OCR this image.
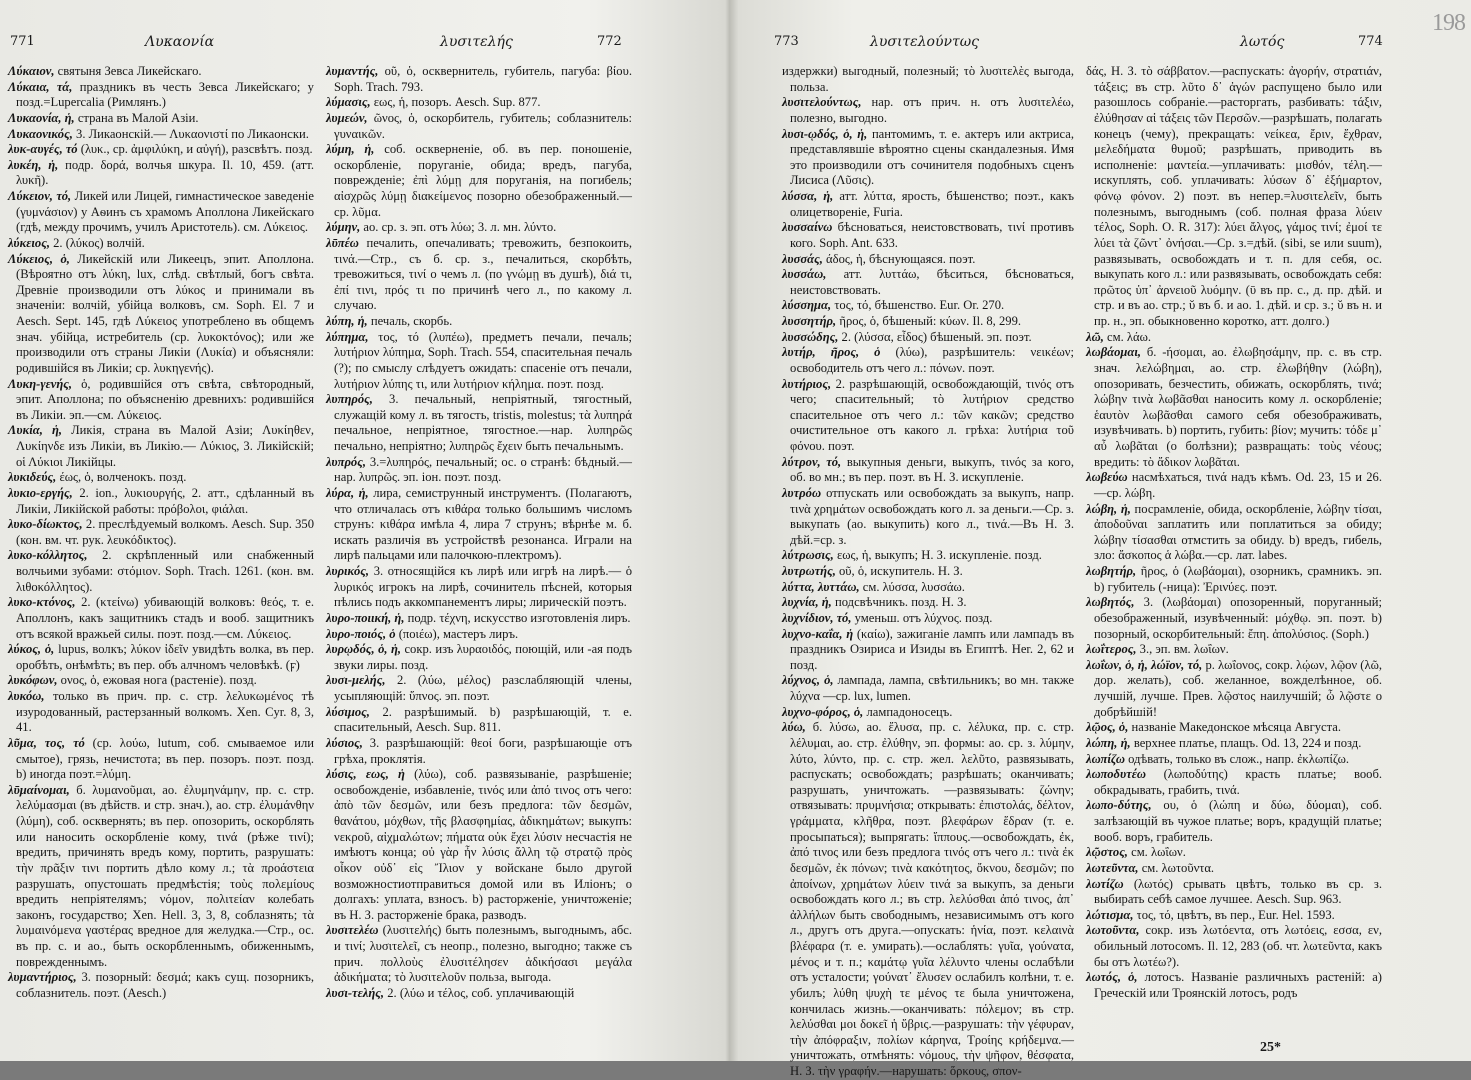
771	Λυκαονία	λυσιτελής	772

Λύκαιον, святыня Зевса Ликейскаго.

Λύκαια, τά, праздникъ въ честь Зевса Ликейскаго; у позд.=Lupercalia (Римлянъ.)

Λυκαονία, ἡ, страна въ Малой Азіи.

Λυκαονικός, 3. Ликаонскій.— Λυκαονιστί по Ликаонски.

λυκ-αυγές, τό (λυκ., ср. ἀμφιλύκη, и αὐγή), разсвѣтъ. позд.

λυκέη, ἡ, подр. δορά, волчья шкура. Il. 10, 459. (атт. λυκῆ).

Λύκειον, τό, Ликей или Лицей, гимнастическое заведеніе (γυμνάσιον) у Аѳинъ съ храмомъ Аполлона Ликейскаго (гдѣ, между прочимъ, училъ Аристотель). см. Λύκειος.

λύκειος, 2. (λύκος) волчій.

Λύκειος, ὁ, Ликейскій или Ликеецъ, эпит. Аполлона. (Вѣроятно отъ λύκη, lux, слѣд. свѣтлый, богъ свѣта. Древніе производили отъ λύκος и принимали въ значеніи: волчій, убійца волковъ, см. Soph. El. 7 и Aesch. Sept. 145, гдѣ Λύκειος употреблено въ общемъ знач. убійца, истребитель (ср. λυκοκτόνος); или же производили отъ страны Ликіи (Λυκία) и объясняли: родившійся въ Ликіи; ср. λυκηγενής).

Λυκη-γενής, ὁ, родившійся отъ свѣта, свѣтородный, эпит. Аполлона; по объясненію древнихъ: родившійся въ Ликіи. эп.—см. Λύκειος.

Λυκία, ἡ, Ликія, страна въ Малой Азіи; Λυκίηθεν, Λυκίηνδε изъ Ликіи, въ Ликію.— Λύκιος, 3. Ликійскій; οἱ Λύκιοι Ликійцы.

λυκιδεύς, έως, ὁ, волченокъ. позд.

λυκιο-εργής, 2. ion., λυκιουργής, 2. атт., сдѣланный въ Ликіи, Ликійской работы: πρόβολοι, φιάλαι.

λυκο-δίωκτος, 2. преслѣдуемый волкомъ. Aesch. Sup. 350 (кон. вм. чт. рук. λευκόδικτος).

λυκο-κόλλητος, 2. скрѣпленный или снабженный волчьими зубами: στόμιον. Soph. Trach. 1261. (кон. вм. λιθοκόλλητος).

λυκο-κτόνος, 2. (κτείνω) убивающій волковъ: θεός, т. е. Аполлонъ, какъ защитникъ стадъ и вооб. защитникъ отъ всякой вражьей силы. поэт. позд.—см. Λύκειος.

λύκος, ὁ, lupus, волкъ; λύκον ἰδεῖν увидѣть волка, въ пер. оробѣть, онѣмѣть; въ пер. объ алчномъ человѣкѣ. (ϝ)

λυκόφων, ονος, ὁ, ежовая нога (растеніе). позд.

λυκόω, только въ прич. пр. с. стр. λελυκωμένος тѣ изуродованный, растерзанный волкомъ. Xen. Cyr. 8, 3, 41.

λῦμα, τος, τό (ср. λούω, lutum, соб. смываемое или смытое), грязь, нечистота; въ пер. позоръ. поэт. позд. b) иногда поэт.=λύμη.

λῡμαίνομαι, б. λυμανοῦμαι, ао. ἐλυμηνάμην, пр. с. стр. λελύμασμαι (въ дѣйств. и стр. знач.), ао. стр. ἐλυμάνθην (λύμη), соб. осквернять; въ пер. опозорить, оскорблять или наносить оскорбленіе кому, τινά (рѣже τινί); вредить, причинять вредъ кому, портить, разрушать: τὴν πρᾶξιν τινι портить дѣло кому л.; τὰ προάστεια разрушать, опустошать предмѣстія; τοὺς πολεμίους вредить непріятелямъ; νόμον, πολιτείαν колебать законъ, государство; Xen. Hell. 3, 3, 8, соблазнять; τὰ λυμαινόμενα γαστέρας вредное для желудка.—Стр., ос. въ пр. с. и ао., быть оскорбленнымъ, обиженнымъ, поврежденнымъ.

λυμαντήριος, 3. позорный: δεσμά; какъ сущ. позорникъ, соблазнитель. поэт. (Aesch.)

λυμαντής, οῦ, ὁ, осквернитель, губитель, пагуба: βίου. Soph. Trach. 793.

λύμασις, εως, ἡ, позоръ. Aesch. Sup. 877.

λυμεών, ῶνος, ὁ, оскорбитель, губитель; соблазнитель: γυναικῶν.

λύμη, ἡ, соб. оскверненіе, об. въ пер. поношеніе, оскорбленіе, поруганіе, обида; вредъ, пагуба, поврежденіе; ἐπὶ λύμῃ для поруганія, на погибель; αἰσχρῶς λύμῃ διακείμενος позорно обезображенный.—ср. λῦμα.

λύμην, ао. ср. з. эп. отъ λύω; 3. л. мн. λύντο.

λῡπέω печалить, опечаливать; тревожить, безпокоить, τινά.—Стр., съ б. ср. з., печалиться, скорбѣть, тревожиться, τινί о чемъ л. (по γνώμῃ въ душѣ), διά τι, ἐπί τινι, πρός τι по причинѣ чего л., по какому л. случаю.

λύπη, ἡ, печаль, скорбь.

λύπημα, τος, τό (λυπέω), предметъ печали, печаль; λυτήριον λύπημα, Soph. Trach. 554, спасительная печаль (?); по смыслу слѣдуетъ ожидать: спасеніе отъ печали, λυτήριον λύπης τι, или λυτήριον κήλημα. поэт. позд.

λυπηρός, 3. печальный, непріятный, тягостный, служащій кому л. въ тягость, tristis, molestus; τὰ λυπηρά печальное, непріятное, тягостное.—нар. λυπηρῶς печально, непріятно; λυπηρῶς ἔχειν быть печальнымъ.

λυπρός, 3.=λυπηρός, печальный; ос. о странѣ: бѣдный.—нар. λυπρῶς. эп. іон. поэт. позд.

λύρα, ἡ, лира, семиструнный инструментъ. (Полагаютъ, что отличалась отъ κιθάρα только большимъ числомъ струнъ: κιθάρα имѣла 4, лира 7 струнъ; вѣрнѣе м. б. искать различія въ устройствѣ резонанса. Играли на лирѣ пальцами или палочкою-плектромъ).

λυρικός, 3. относящійся къ лирѣ или игрѣ на лирѣ.— ὁ λυρικός игрокъ на лирѣ, сочинитель пѣсней, которыя пѣлись подъ аккомпанементъ лиры; лирическій поэтъ.

λυρο-ποιική, ἡ, подр. τέχνη, искусство изготовленія лиръ.

λυρο-ποιός, ὁ (ποιέω), мастеръ лиръ.

λυρῳδός, ὁ, ἡ, сокр. изъ λυραοιδός, поющій, или -ая подъ звуки лиры. позд.

λυσι-μελής, 2. (λύω, μέλος) разслабляющій члены, усыпляющій: ὕπνος. эп. поэт.

λύσιμος, 2. разрѣшимый. b) разрѣшающій, т. е. спасительный, Aesch. Sup. 811.

λύσιος, 3. разрѣшающій: θεοί боги, разрѣшающіе отъ грѣха, проклятія.

λύσις, εως, ἡ (λύω), соб. развязываніе, разрѣшеніе; освобожденіе, избавленіе, τινός или ἀπό τινος отъ чего: ἀπὸ τῶν δεσμῶν, или безъ предлога: τῶν δεσμῶν, θανάτου, μόχθων, τῆς βλασφημίας, ἀδικημάτων; выкупъ: νεκροῦ, αἰχμαλώτων; πήματα οὐκ ἔχει λύσιν несчастія не имѣютъ конца; οὐ γὰρ ἦν λύσις ἄλλη τῷ στρατῷ πρὸς οἶκον οὐδ᾽ εἰς Ἴλιον у войскане было другой возможностиотправиться домой или въ Иліонъ; о долгахъ: уплата, взносъ. b) расторженіе, уничтоженіе; въ Н. З. расторженіе брака, разводъ.

λυσιτελέω (λυσιτελής) быть полезнымъ, выгоднымъ, абс. и τινί; λυσιτελεῖ, съ неопр., полезно, выгодно; также съ прич. πολλοὺς ἐλυσιτέλησεν ἀδικήσασι μεγάλα ἀδικήματα; τὸ λυσιτελοῦν польза, выгода.

λυσι-τελής, 2. (λύω и τέλος, соб. уплачивающій

773	λυσιτελούντως	λωτός	774

издержки) выгодный, полезный; τὸ λυσιτελὲς выгода, польза.

λυσιτελούντως, нар. отъ прич. н. отъ λυσιτελέω, полезно, выгодно.

λυσι-ῳδός, ὁ, ἡ, пантомимъ, т. е. актеръ или актриса, представлявшіе вѣроятно сцены скандалезныя. Имя это производили отъ сочинителя подобныхъ сценъ Лисиса (Λῦσις).

λύσσα, ἡ, атт. λύττα, ярость, бѣшенство; поэт., какъ олицетвореніе, Furia.

λυσσαίνω бѣсноваться, неистовствовать, τινί противъ кого. Soph. Ant. 633.

λυσσάς, άδος, ἡ, бѣснующаяся. поэт.

λυσσάω, атт. λυττάω, бѣситься, бѣсноваться, неистовствовать.

λύσσημα, τος, τό, бѣшенство. Eur. Or. 270.

λυσσητήρ, ῆρος, ὁ, бѣшеный: κύων. Il. 8, 299.

λυσσώδης, 2. (λύσσα, εἶδος) бѣшеный. эп. поэт.

λυτήρ, ῆρος, ὁ (λύω), разрѣшитель: νεικέων; освободитель отъ чего л.: πόνων. поэт.

λυτήριος, 2. разрѣшающій, освобождающій, τινός отъ чего; спасительный; τὸ λυτήριον средство спасительное отъ чего л.: τῶν κακῶν; средство очистительное отъ какого л. грѣха: λυτήρια τοῦ φόνου. поэт.

λύτρον, τό, выкупныя деньги, выкупъ, τινός за кого, об. во мн.; въ пер. поэт. въ Н. З. искупленіе.

λυτρόω отпускать или освобождать за выкупъ, напр. τινὰ χρημάτων освобождать кого л. за деньги.—Ср. з. выкупать (ао. выкупить) кого л., τινά.—Въ Н. З. дѣй.=ср. з.

λύτρωσις, εως, ἡ, выкупъ; Н. З. искупленіе. позд.

λυτρωτής, οῦ, ὁ, искупитель. Н. З.

λύττα, λυττάω, см. λύσσα, λυσσάω.

λυχνία, ἡ, подсвѣчникъ. позд. Н. З.

λυχνίδιον, τό, уменьш. отъ λύχνος. позд.

λυχνο-καΐα, ἡ (καίω), зажиганіе лампъ или лампадъ въ праздникъ Озириса и Изиды въ Египтѣ. Her. 2, 62 и позд.

λύχνος, ὁ, лампада, лампа, свѣтильникъ; во мн. также λύχνα —ср. lux, lumen.

λυχνο-φόρος, ὁ, лампадоносецъ.

λύω, б. λύσω, ао. ἔλυσα, пр. с. λέλυκα, пр. с. стр. λέλυμαι, ао. стр. ἐλύθην, эп. формы: ао. ср. з. λύμην, λύτο, λύντο, пр. с. стр. жел. λελῦτο, развязывать, распускать; освобождать; разрѣшать; оканчивать; разрушать, уничтожать. —развязывать: ζώνην; отвязывать: πρυμνήσια; открывать: ἐπιστολάς, δέλτον, γράμματα, κλῆθρα, поэт. βλεφάρων ἕδραν (т. е. просыпаться); выпрягать: ἵππους.—освобождать, ἐκ, ἀπό τινος или безъ предлога τινός отъ чего л.: τινὰ ἐκ δεσμῶν, ἐκ πόνων; τινὰ κακότητος, ὄκνου, δεσμῶν; по ἀποίνων, χρημάτων λύειν τινά за выкупъ, за деньги освобождать кого л.; въ стр. λελύσθαι ἀπό τινος, ἀπ᾽ ἀλλήλων быть свободнымъ, независимымъ отъ кого л., другъ отъ друга.—опускать: ἡνία, поэт. κελαινὰ βλέφαρα (т. е. умирать).—ослаблять: γυῖα, γούνατα, μένος и т. п.; καμάτῳ γυῖα λέλυντο члены ослабѣли отъ усталости; γούνατ᾽ ἔλυσεν ослабилъ колѣни, т. е. убилъ; λύθη ψυχὴ τε μένος τε была уничтожена, кончилась жизнь.—оканчивать: πόλεμον; въ стр. λελύσθαι μοι δοκεῖ ἡ ὕβρις.—разрушать: τὴν γέφυραν, τὴν ἀπόφραξιν, πολίων κάρηνα, Τροίης κρήδεμνα.—уничтожать, отмѣнять: νόμους, τὴν ψῆφον, θέσφατα, Н. З. τὴν γραφήν.—нарушать: ὅρκους, σπον-

δάς, Н. З. τὸ σάββατον.—распускать: ἀγορήν, στρατιάν, τάξεις; въ стр. λῦτο δ᾽ ἀγών распущено было или разошлось собраніе.—расторгать, разбивать: τάξιν, ἐλύθησαν αἱ τάξεις τῶν Περσῶν.—разрѣшать, полагать конецъ (чему), прекращать: νείκεα, ἔριν, ἔχθραν, μελεδήματα θυμοῦ; разрѣшать, приводить въ исполненіе: μαντεία.—уплачивать: μισθόν, τέλη.—искуплять, соб. уплачивать: λύσων δ᾽ ἐξήμαρτον, φόνῳ φόνον. 2) поэт. въ непер.=λυσιτελεῖν, быть полезнымъ, выгоднымъ (соб. полная фраза λύειν τέλος, Soph. O. R. 317): λύει ἄλγος, γάμος τινί; ἐμοί τε λύει τὰ ζῶντ᾽ ὀνήσαι.—Ср. з.=дѣй. (sibi, se или suum), развязывать, освобождать и т. п. для себя, ос. выкупать кого л.: или развязывать, освобождать себя: πρῶτος ὑπ᾽ ἀρνειοῦ λυόμην. (ῡ въ пр. с., д. пр. дѣй. и стр. и въ ао. стр.; ῠ въ б. и ао. 1. дѣй. и ср. з.; ῠ въ н. и пр. н., эп. обыкновенно коротко, атт. долго.)

λῶ, см. λάω.

λωβάομαι, б. -ήσομαι, ао. ἐλωβησάμην, пр. с. въ стр. знач. λελώβημαι, ао. стр. ἐλωβήθην (λώβη), опозоривать, безчестить, обижать, оскорблять, τινά; λώβην τινὰ λωβᾶσθαι наносить кому л. оскорбленіе; ἑαυτὸν λωβᾶσθαι самого себя обезображивать, изувѣчивать. b) портить, губить: βίον; мучить: τόδε μ᾽ αὖ λωβᾶται (о болѣзни); развращать: τοὺς νέους; вредить: τὸ ἄδικον λωβᾶται.

λωβεύω насмѣхаться, τινά надъ кѣмъ. Od. 23, 15 и 26.—ср. λώβη.

λώβη, ἡ, посрамленіе, обида, оскорбленіе, λώβην τίσαι, ἀποδοῦναι заплатить или поплатиться за обиду; λώβην τίσασθαι отмстить за обиду. b) вредъ, гибель, зло: ἄσκοπος ἁ λώβα.—ср. лат. labes.

λωβητήρ, ῆρος, ὁ (λωβάομαι), озорникъ, срамникъ. эп. b) губитель (-ница): Ἐρινύες. поэт.

λωβητός, 3. (λωβάομαι) опозоренный, поруганный; обезображенный, изувѣченный: μόχθῳ. эп. поэт. b) позорный, оскорбительный: ἔπη. ἀπολύσιος. (Soph.)

λωΐτερος, 3., эп. вм. λωΐων.

λωΐων, ὁ, ἡ, λώϊον, τό, р. λωΐονος, сокр. λῴων, λῷον (λῶ, дор. желать), соб. желанное, вожделѣнное, об. лучшій, лучше. Прев. λῷστος наилучшій; ὦ λῷστε о добрѣйшій!

λῷος, ὁ, названіе Македонское мѣсяца Августа.

λώπη, ἡ, верхнее платье, плащъ. Od. 13, 224 и позд.

λωπίζω одѣвать, только въ слож., напр. ἐκλωπίζω.

λωποδυτέω (λωποδύτης) красть платье; вооб. обкрадывать, грабить, τινά.

λωπο-δύτης, ου, ὁ (λώπη и δύω, δύομαι), соб. залѣзающій въ чужое платье; воръ, крадущій платье; вооб. воръ, грабитель.

λῷστος, см. λωΐων.

λωτεῦντα, см. λωτοῦντα.

λωτίζω (λωτός) срывать цвѣтъ, только въ ср. з. выбирать себѣ самое лучшее. Aesch. Sup. 963.

λώτισμα, τος, τό, цвѣтъ, въ пер., Eur. Hel. 1593.

λωτοῦντα, сокр. изъ λωτόεντα, отъ λωτόεις, εσσα, εν, обильный лотосомъ. Il. 12, 283 (об. чт. λωτεῦντα, какъ бы отъ λωτέω?).

λωτός, ὁ, лотосъ. Названіе различныхъ растеній: а) Греческій или Троянскій лотосъ, родъ

25*
198
